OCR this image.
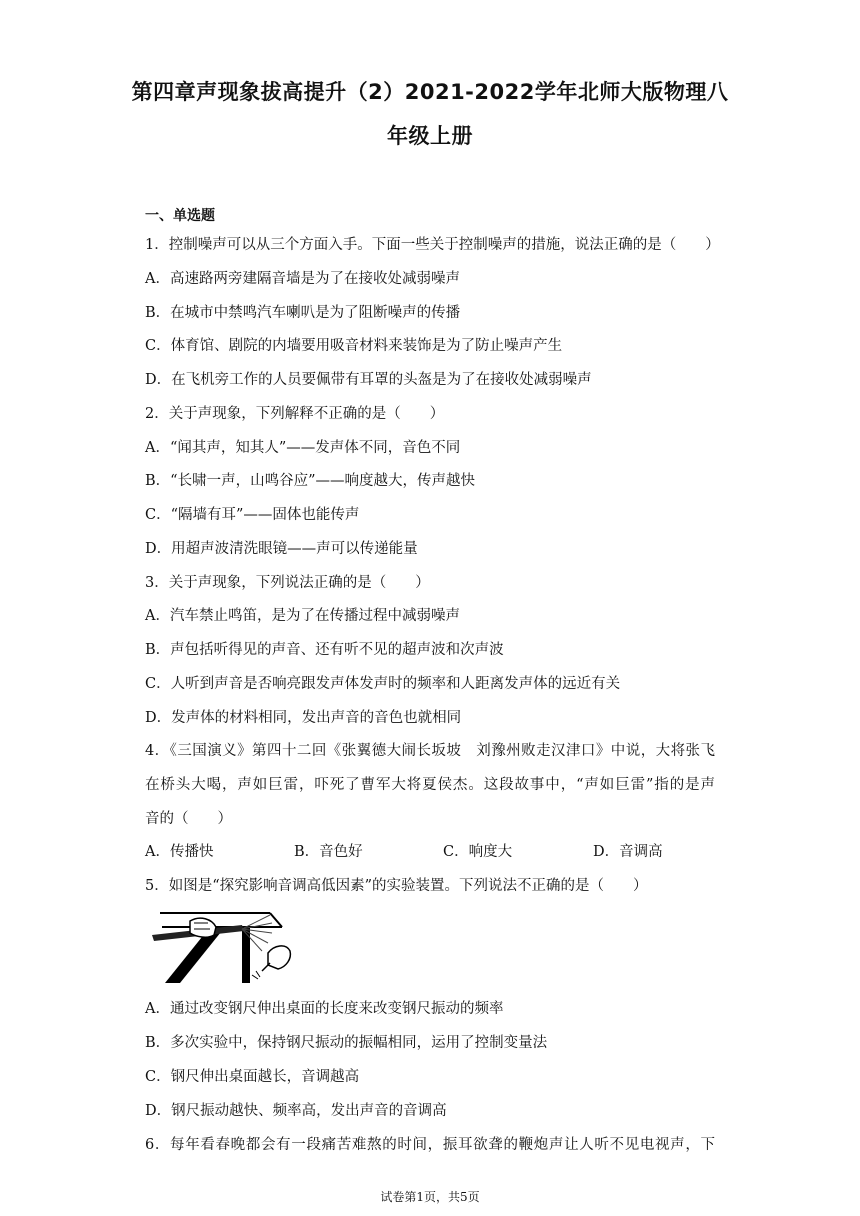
第四章声现象拔高提升（2）2021-2022学年北师大版物理八
年级上册
一、单选题
1．控制噪声可以从三个方面入手。下面一些关于控制噪声的措施，说法正确的是（　　）
A．高速路两旁建隔音墙是为了在接收处减弱噪声
B．在城市中禁鸣汽车喇叭是为了阻断噪声的传播
C．体育馆、剧院的内墙要用吸音材料来装饰是为了防止噪声产生
D．在飞机旁工作的人员要佩带有耳罩的头盔是为了在接收处减弱噪声
2．关于声现象，下列解释不正确的是（　　）
A．“闻其声，知其人”——发声体不同，音色不同
B．“长啸一声，山鸣谷应”——响度越大，传声越快
C．“隔墙有耳”——固体也能传声
D．用超声波清洗眼镜——声可以传递能量
3．关于声现象，下列说法正确的是（　　）
A．汽车禁止鸣笛，是为了在传播过程中减弱噪声
B．声包括听得见的声音、还有听不见的超声波和次声波
C．人听到声音是否响亮跟发声体发声时的频率和人距离发声体的远近有关
D．发声体的材料相同，发出声音的音色也就相同
4．《三国演义》第四十二回《张翼德大闹长坂坡　刘豫州败走汉津口》中说，大将张飞
在桥头大喝，声如巨雷，吓死了曹军大将夏侯杰。这段故事中，“声如巨雷”指的是声
音的（　　）
A．传播快	B．音色好	C．响度大	D．音调高
5．如图是“探究影响音调高低因素”的实验装置。下列说法不正确的是（　　）
A．通过改变钢尺伸出桌面的长度来改变钢尺振动的频率
B．多次实验中，保持钢尺振动的振幅相同，运用了控制变量法
C．钢尺伸出桌面越长，音调越高
D．钢尺振动越快、频率高，发出声音的音调高
6．每年看春晚都会有一段痛苦难熬的时间，振耳欲聋的鞭炮声让人听不见电视声，下
试卷第1页，共5页
